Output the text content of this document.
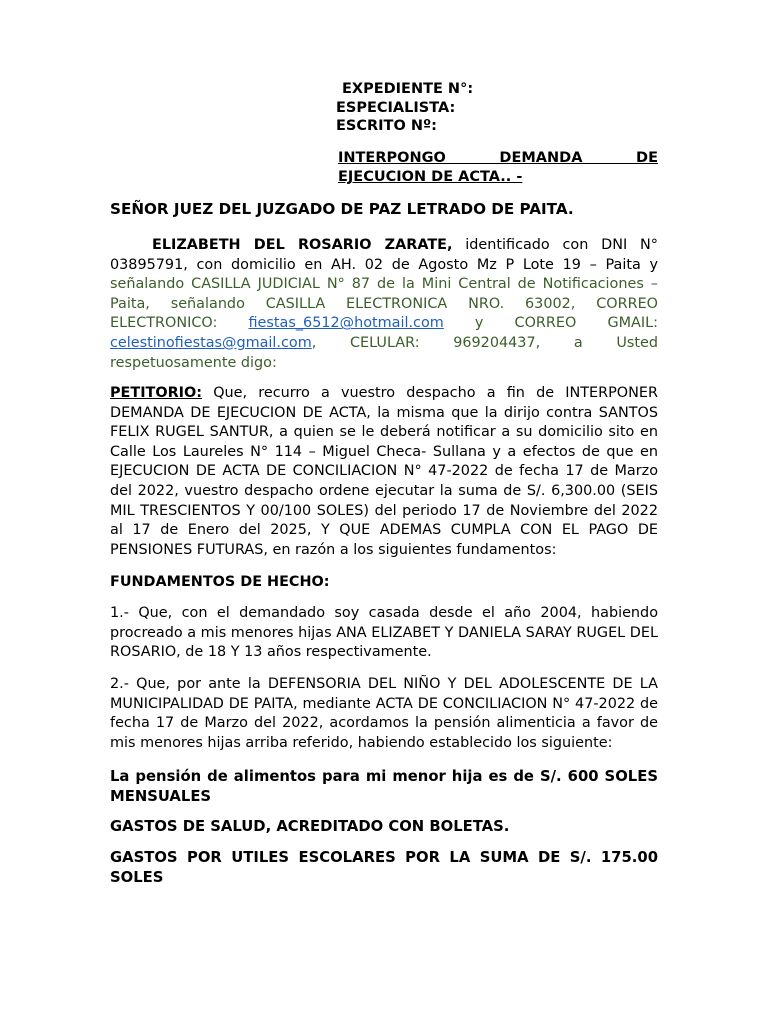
EXPEDIENTE N°:
ESPECIALISTA:
ESCRITO Nº:
INTERPONGO DEMANDA DE
EJECUCION DE ACTA.. -
SEÑOR JUEZ DEL JUZGADO DE PAZ LETRADO DE PAITA.
ELIZABETH DEL ROSARIO ZARATE, identificado con DNI N° 03895791, con domicilio en AH. 02 de Agosto Mz P Lote 19 – Paita y señalando CASILLA JUDICIAL N° 87 de la Mini Central de Notificaciones – Paita, señalando CASILLA ELECTRONICA NRO. 63002, CORREO ELECTRONICO: fiestas_6512@hotmail.com y CORREO GMAIL: celestinofiestas@gmail.com, CELULAR: 969204437, a Usted respetuosamente digo:
PETITORIO: Que, recurro a vuestro despacho a fin de INTERPONER DEMANDA DE EJECUCION DE ACTA, la misma que la dirijo contra SANTOS FELIX RUGEL SANTUR, a quien se le deberá notificar a su domicilio sito en Calle Los Laureles N° 114 – Miguel Checa- Sullana y a efectos de que en EJECUCION DE ACTA DE CONCILIACION N° 47-2022 de fecha 17 de Marzo del 2022, vuestro despacho ordene ejecutar la suma de S/. 6,300.00 (SEIS MIL TRESCIENTOS Y 00/100 SOLES) del periodo 17 de Noviembre del 2022 al 17 de Enero del 2025, Y QUE ADEMAS CUMPLA CON EL PAGO DE PENSIONES FUTURAS, en razón a los siguientes fundamentos:
FUNDAMENTOS DE HECHO:
1.- Que, con el demandado soy casada desde el año 2004, habiendo procreado a mis menores hijas ANA ELIZABET Y DANIELA SARAY RUGEL DEL ROSARIO, de 18 Y 13 años respectivamente.
2.- Que, por ante la DEFENSORIA DEL NIÑO Y DEL ADOLESCENTE DE LA MUNICIPALIDAD DE PAITA, mediante ACTA DE CONCILIACION N° 47-2022 de fecha 17 de Marzo del 2022, acordamos la pensión alimenticia a favor de mis menores hijas arriba referido, habiendo establecido los siguiente:
La pensión de alimentos para mi menor hija es de S/. 600 SOLES MENSUALES
GASTOS DE SALUD, ACREDITADO CON BOLETAS.
GASTOS POR UTILES ESCOLARES POR LA SUMA DE S/. 175.00 SOLES
